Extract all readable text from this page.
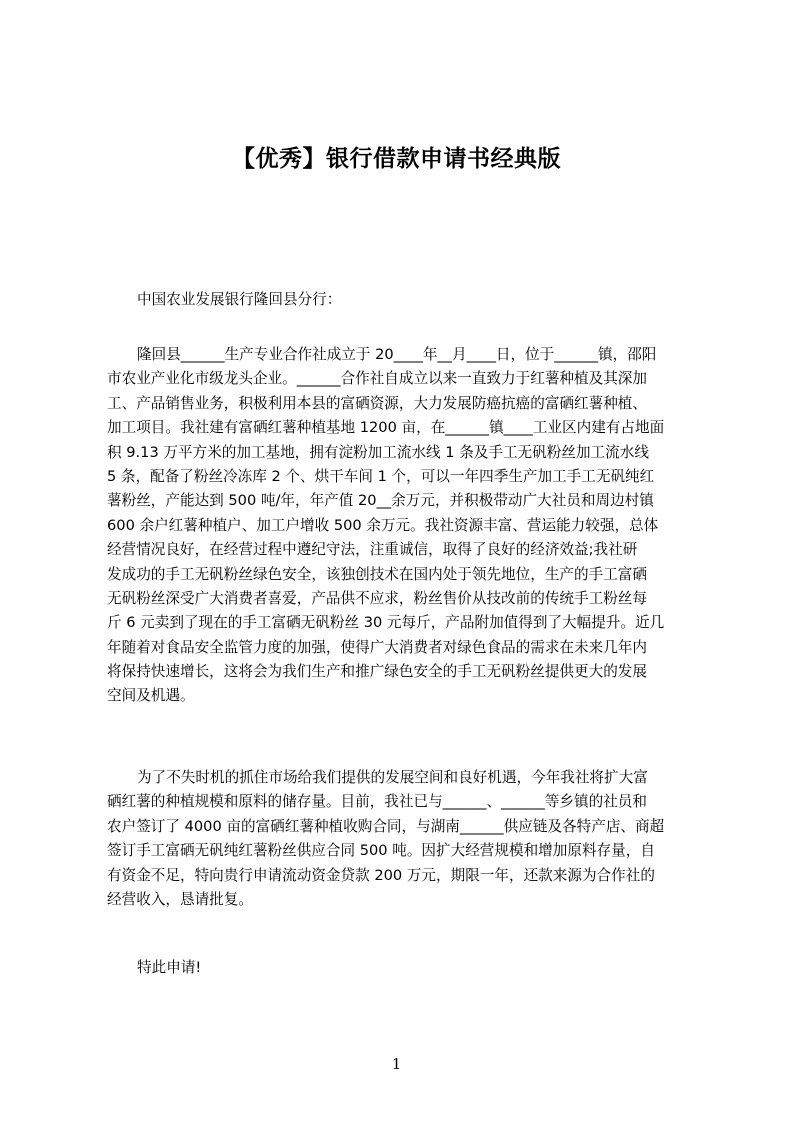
【优秀】银行借款申请书经典版
中国农业发展银行隆回县分行：
隆回县______生产专业合作社成立于 20____年__月____日，位于______镇，邵阳
市农业产业化市级龙头企业。______合作社自成立以来一直致力于红薯种植及其深加
工、产品销售业务，积极利用本县的富硒资源，大力发展防癌抗癌的富硒红薯种植、
加工项目。我社建有富硒红薯种植基地 1200 亩，在______镇____工业区内建有占地面
积 9.13 万平方米的加工基地，拥有淀粉加工流水线 1 条及手工无矾粉丝加工流水线
5 条，配备了粉丝冷冻库 2 个、烘干车间 1 个，可以一年四季生产加工手工无矾纯红
薯粉丝，产能达到 500 吨/年，年产值 20__余万元，并积极带动广大社员和周边村镇
600 余户红薯种植户、加工户增收 500 余万元。我社资源丰富、营运能力较强，总体
经营情况良好，在经营过程中遵纪守法，注重诚信，取得了良好的经济效益;我社研
发成功的手工无矾粉丝绿色安全，该独创技术在国内处于领先地位，生产的手工富硒
无矾粉丝深受广大消费者喜爱，产品供不应求，粉丝售价从技改前的传统手工粉丝每
斤 6 元卖到了现在的手工富硒无矾粉丝 30 元每斤，产品附加值得到了大幅提升。近几
年随着对食品安全监管力度的加强，使得广大消费者对绿色食品的需求在未来几年内
将保持快速增长，这将会为我们生产和推广绿色安全的手工无矾粉丝提供更大的发展
空间及机遇。
为了不失时机的抓住市场给我们提供的发展空间和良好机遇，今年我社将扩大富
硒红薯的种植规模和原料的储存量。目前，我社已与______、______等乡镇的社员和
农户签订了 4000 亩的富硒红薯种植收购合同，与湖南______供应链及各特产店、商超
签订手工富硒无矾纯红薯粉丝供应合同 500 吨。因扩大经营规模和增加原料存量，自
有资金不足，特向贵行申请流动资金贷款 200 万元，期限一年，还款来源为合作社的
经营收入，恳请批复。
特此申请!
1
